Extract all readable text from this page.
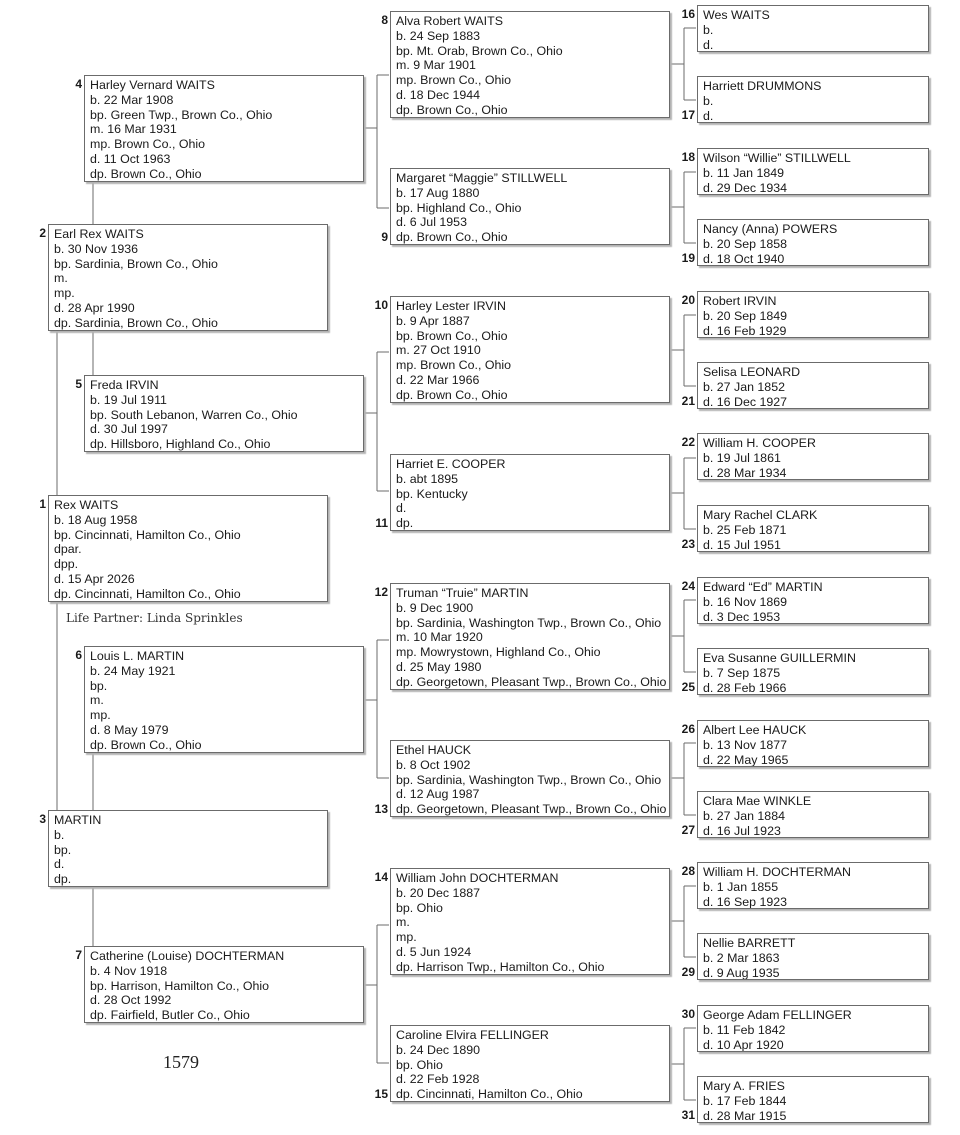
Rex WAITS
b. 18 Aug 1958
bp. Cincinnati, Hamilton Co., Ohio
dpar.
dpp.
d. 15 Apr 2026
dp. Cincinnati, Hamilton Co., Ohio
1
Earl Rex WAITS
b. 30 Nov 1936
bp. Sardinia, Brown Co., Ohio
m.
mp.
d. 28 Apr 1990
dp. Sardinia, Brown Co., Ohio
2
MARTIN
b.
bp.
d.
dp.
3
Harley Vernard WAITS
b. 22 Mar 1908
bp. Green Twp., Brown Co., Ohio
m. 16 Mar 1931
mp. Brown Co., Ohio
d. 11 Oct 1963
dp. Brown Co., Ohio
4
Freda IRVIN
b. 19 Jul 1911
bp. South Lebanon, Warren Co., Ohio
d. 30 Jul 1997
dp. Hillsboro, Highland Co., Ohio
5
Louis L. MARTIN
b. 24 May 1921
bp.
m.
mp.
d. 8 May 1979
dp. Brown Co., Ohio
6
Catherine (Louise) DOCHTERMAN
b. 4 Nov 1918
bp. Harrison, Hamilton Co., Ohio
d. 28 Oct 1992
dp. Fairfield, Butler Co., Ohio
7
Alva Robert WAITS
b. 24 Sep 1883
bp. Mt. Orab, Brown Co., Ohio
m. 9 Mar 1901
mp. Brown Co., Ohio
d. 18 Dec 1944
dp. Brown Co., Ohio
8
Margaret “Maggie” STILLWELL
b. 17 Aug 1880
bp. Highland Co., Ohio
d. 6 Jul 1953
dp. Brown Co., Ohio
9
Harley Lester IRVIN
b. 9 Apr 1887
bp. Brown Co., Ohio
m. 27 Oct 1910
mp. Brown Co., Ohio
d. 22 Mar 1966
dp. Brown Co., Ohio
10
Harriet E. COOPER
b. abt 1895
bp. Kentucky
d.
dp.
11
Truman “Truie” MARTIN
b. 9 Dec 1900
bp. Sardinia, Washington Twp., Brown Co., Ohio
m. 10 Mar 1920
mp. Mowrystown, Highland Co., Ohio
d. 25 May 1980
dp. Georgetown, Pleasant Twp., Brown Co., Ohio
12
Ethel HAUCK
b. 8 Oct 1902
bp. Sardinia, Washington Twp., Brown Co., Ohio
d. 12 Aug 1987
dp. Georgetown, Pleasant Twp., Brown Co., Ohio
13
William John DOCHTERMAN
b. 20 Dec 1887
bp. Ohio
m.
mp.
d. 5 Jun 1924
dp. Harrison Twp., Hamilton Co., Ohio
14
Caroline Elvira FELLINGER
b. 24 Dec 1890
bp. Ohio
d. 22 Feb 1928
dp. Cincinnati, Hamilton Co., Ohio
15
Wes WAITS
b.
d.
16
Harriett DRUMMONS
b.
d.
17
Wilson “Willie” STILLWELL
b. 11 Jan 1849
d. 29 Dec 1934
18
Nancy (Anna) POWERS
b. 20 Sep 1858
d. 18 Oct 1940
19
Robert IRVIN
b. 20 Sep 1849
d. 16 Feb 1929
20
Selisa LEONARD
b. 27 Jan 1852
d. 16 Dec 1927
21
William H. COOPER
b. 19 Jul 1861
d. 28 Mar 1934
22
Mary Rachel CLARK
b. 25 Feb 1871
d. 15 Jul 1951
23
Edward “Ed” MARTIN
b. 16 Nov 1869
d. 3 Dec 1953
24
Eva Susanne GUILLERMIN
b. 7 Sep 1875
d. 28 Feb 1966
25
Albert Lee HAUCK
b. 13 Nov 1877
d. 22 May 1965
26
Clara Mae WINKLE
b. 27 Jan 1884
d. 16 Jul 1923
27
William H. DOCHTERMAN
b. 1 Jan 1855
d. 16 Sep 1923
28
Nellie BARRETT
b. 2 Mar 1863
d. 9 Aug 1935
29
George Adam FELLINGER
b. 11 Feb 1842
d. 10 Apr 1920
30
Mary A. FRIES
b. 17 Feb 1844
d. 28 Mar 1915
31
Life Partner: Linda Sprinkles
1579
